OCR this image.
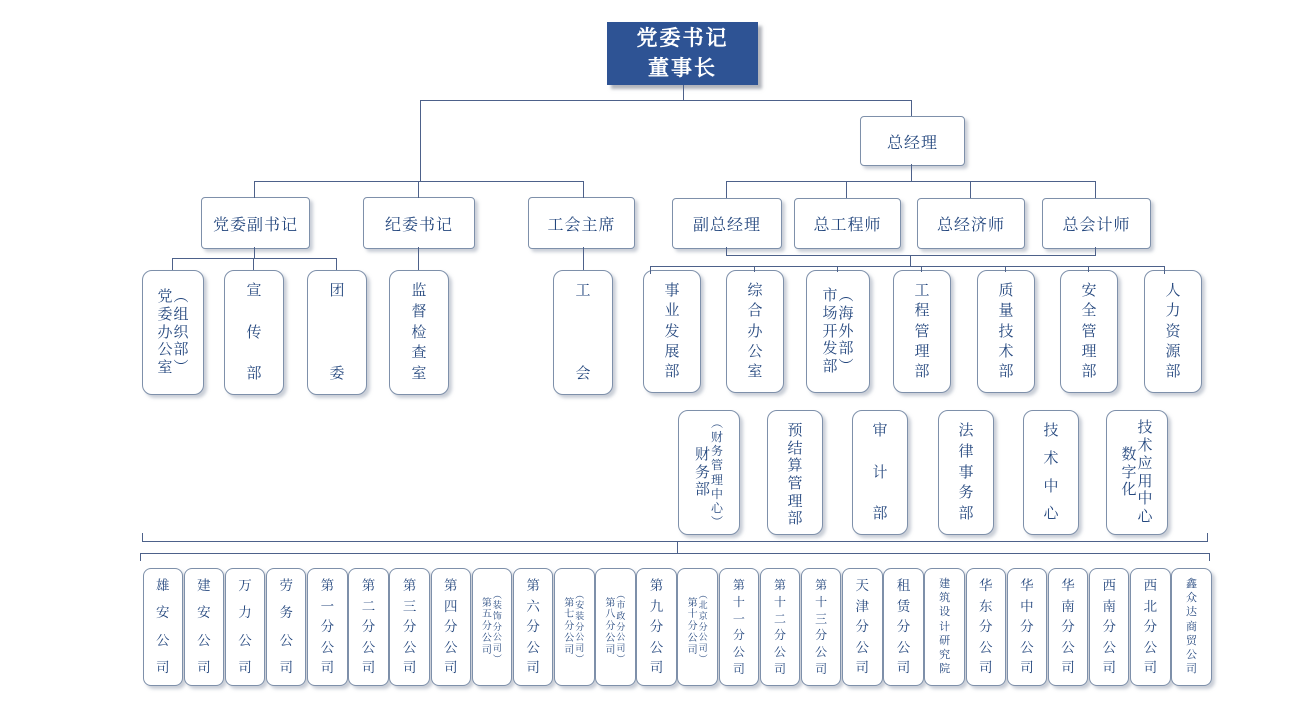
党委书记
董事长
总经理
党委副书记	纪委书记	工会主席	副总经理	总工程师	总经济师	总会计师
党
委
办
公
室
︵
组
织
部
︶
宣
传
部
团
委
监
督
检
查
室
工
会
事
业
发
展
部
综
合
办
公
室
市
场
开
发
部
︵
海
外
部
︶
工
程
管
理
部
质
量
技
术
部
安
全
管
理
部
人
力
资
源
部
财
务
部
︵
财
务
管
理
中
心
︶
预
结
算
管
理
部
审
计
部
法
律
事
务
部
技
术
中
心
数
字
化
技
术
应
用
中
心
雄
安
公
司
建
安
公
司
万
力
公
司
劳
务
公
司
第
一
分
公
司
第
二
分
公
司
第
三
分
公
司
第
四
分
公
司
第
五
分
公
司
︵
装
饰
分
公
司
︶
第
六
分
公
司
第
七
分
公
司
︵
安
装
分
公
司
︶
第
八
分
公
司
︵
市
政
分
公
司
︶
第
九
分
公
司
第
十
分
公
司
︵
北
京
分
公
司
︶
第
十
一
分
公
司
第
十
二
分
公
司
第
十
三
分
公
司
天
津
分
公
司
租
赁
分
公
司
建
筑
设
计
研
究
院
华
东
分
公
司
华
中
分
公
司
华
南
分
公
司
西
南
分
公
司
西
北
分
公
司
鑫
众
达
商
贸
公
司
